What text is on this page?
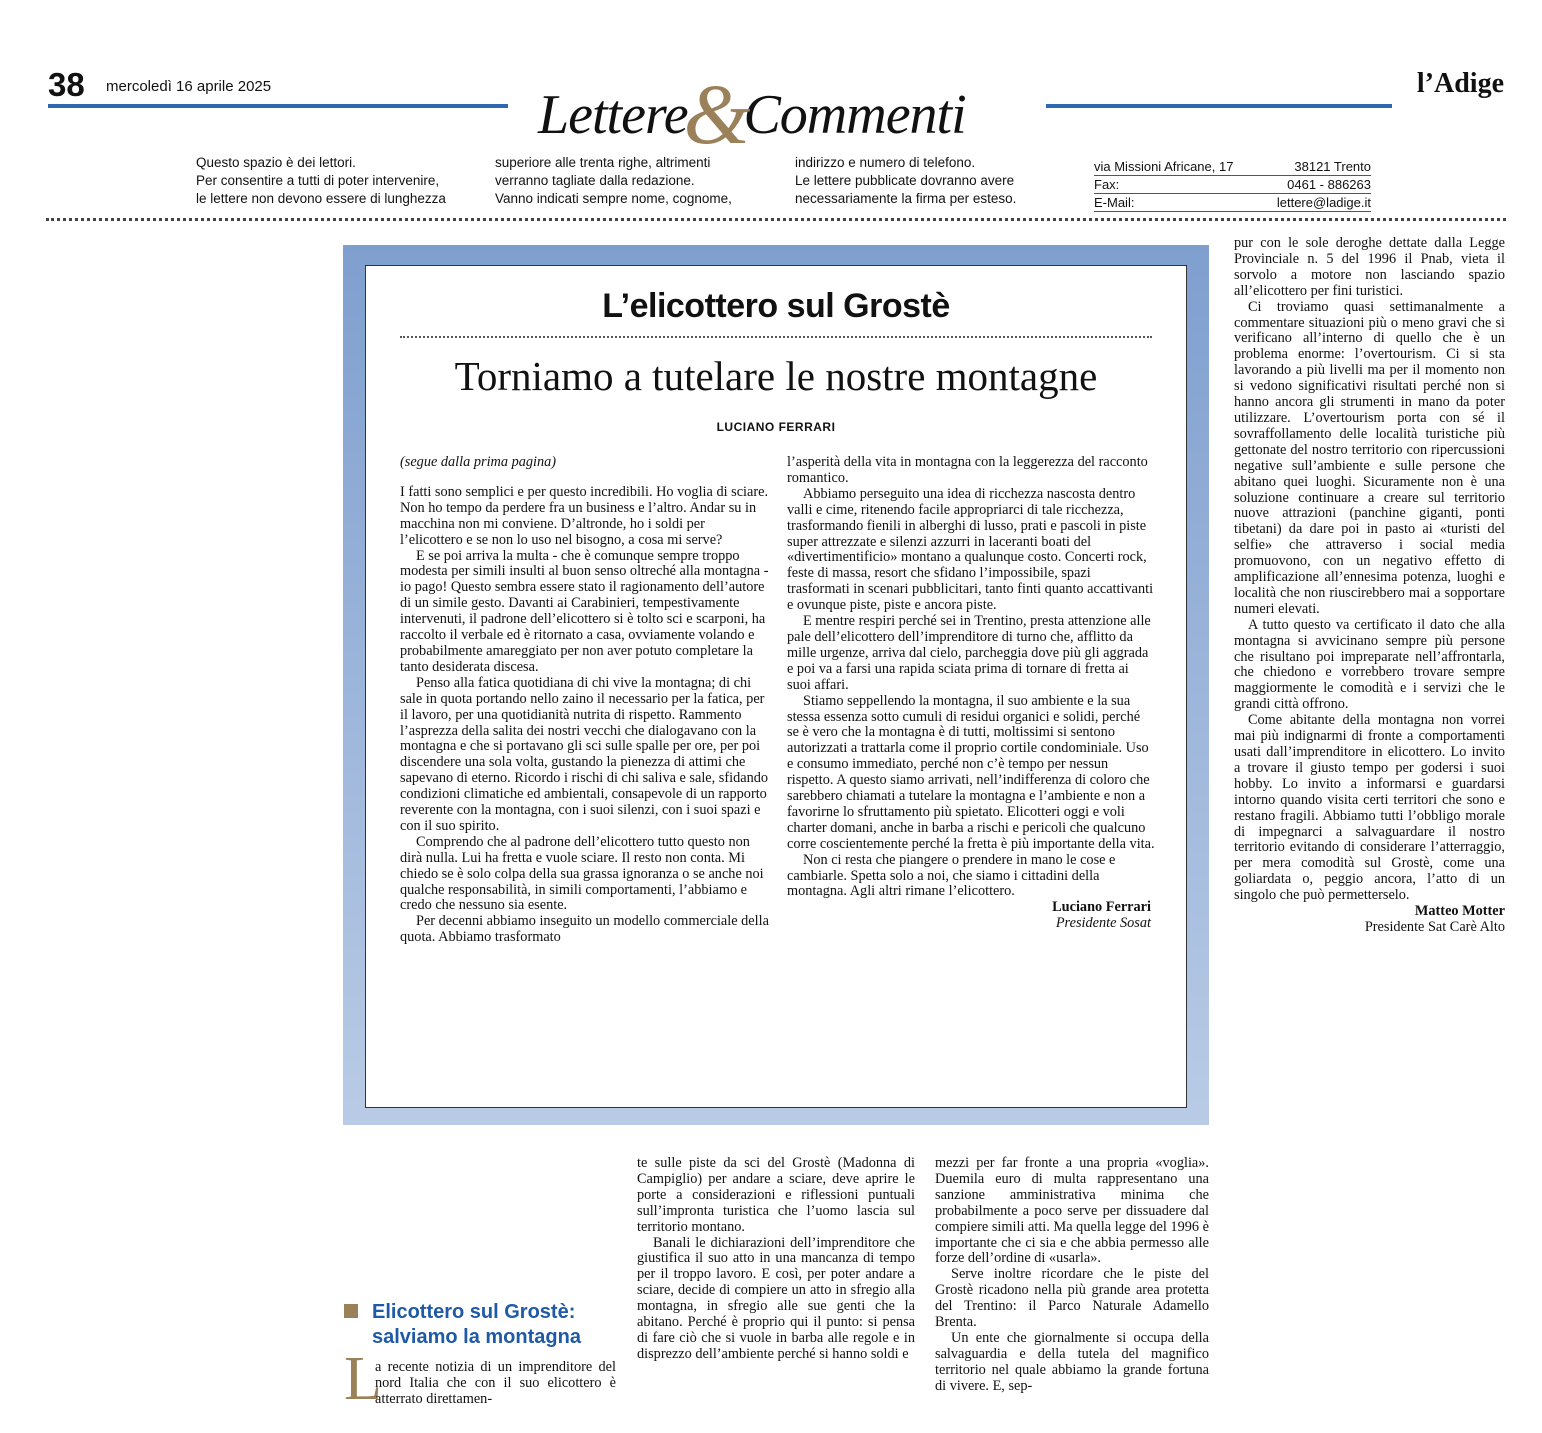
38 mercoledì 16 aprile 2025	Lettere&Commenti
l’Adige
Questo spazio è dei lettori.
Per consentire a tutti di poter intervenire,
le lettere non devono essere di lunghezza
superiore alle trenta righe, altrimenti
verranno tagliate dalla redazione.
Vanno indicati sempre nome, cognome,
indirizzo e numero di telefono.
Le lettere pubblicate dovranno avere
necessariamente la firma per esteso.
via Missioni Africane, 17	38121 Trento
Fax:	0461 - 886263
E-Mail:	lettere@ladige.it
L’elicottero sul Grostè
Torniamo a tutelare le nostre montagne
LUCIANO FERRARI

(segue dalla prima pagina)

I fatti sono semplici e per questo incredibili. Ho voglia di sciare. Non ho tempo da perdere fra un business e l’altro. Andar su in macchina non mi conviene. D’altronde, ho i soldi per l’elicottero e se non lo uso nel bisogno, a cosa mi serve?

E se poi arriva la multa - che è comunque sempre troppo modesta per simili insulti al buon senso oltreché alla montagna - io pago! Questo sembra essere stato il ragionamento dell’autore di un simile gesto. Davanti ai Carabinieri, tempestivamente intervenuti, il padrone dell’elicottero si è tolto sci e scarponi, ha raccolto il verbale ed è ritornato a casa, ovviamente volando e probabilmente amareggiato per non aver potuto completare la tanto desiderata discesa.

Penso alla fatica quotidiana di chi vive la montagna; di chi sale in quota portando nello zaino il necessario per la fatica, per il lavoro, per una quotidianità nutrita di rispetto. Rammento l’asprezza della salita dei nostri vecchi che dialogavano con la montagna e che si portavano gli sci sulle spalle per ore, per poi discendere una sola volta, gustando la pienezza di attimi che sapevano di eterno. Ricordo i rischi di chi saliva e sale, sfidando condizioni climatiche ed ambientali, consapevole di un rapporto reverente con la montagna, con i suoi silenzi, con i suoi spazi e con il suo spirito.

Comprendo che al padrone dell’elicottero tutto questo non dirà nulla. Lui ha fretta e vuole sciare. Il resto non conta. Mi chiedo se è solo colpa della sua grassa ignoranza o se anche noi qualche responsabilità, in simili comportamenti, l’abbiamo e credo che nessuno sia esente.

Per decenni abbiamo inseguito un modello commerciale della quota. Abbiamo trasformato

l’asperità della vita in montagna con la leggerezza del racconto romantico.

Abbiamo perseguito una idea di ricchezza nascosta dentro valli e cime, ritenendo facile appropriarci di tale ricchezza, trasformando fienili in alberghi di lusso, prati e pascoli in piste super attrezzate e silenzi azzurri in laceranti boati del «divertimentificio» montano a qualunque costo. Concerti rock, feste di massa, resort che sfidano l’impossibile, spazi trasformati in scenari pubblicitari, tanto finti quanto accattivanti e ovunque piste, piste e ancora piste.

E mentre respiri perché sei in Trentino, presta attenzione alle pale dell’elicottero dell’imprenditore di turno che, afflitto da mille urgenze, arriva dal cielo, parcheggia dove più gli aggrada e poi va a farsi una rapida sciata prima di tornare di fretta ai suoi affari.

Stiamo seppellendo la montagna, il suo ambiente e la sua stessa essenza sotto cumuli di residui organici e solidi, perché se è vero che la montagna è di tutti, moltissimi si sentono autorizzati a trattarla come il proprio cortile condominiale. Uso e consumo immediato, perché non c’è tempo per nessun rispetto. A questo siamo arrivati, nell’indifferenza di coloro che sarebbero chiamati a tutelare la montagna e l’ambiente e non a favorirne lo sfruttamento più spietato. Elicotteri oggi e voli charter domani, anche in barba a rischi e pericoli che qualcuno corre coscientemente perché la fretta è più importante della vita.

Non ci resta che piangere o prendere in mano le cose e cambiarle. Spetta solo a noi, che siamo i cittadini della montagna. Agli altri rimane l’elicottero.

Luciano Ferrari

Presidente Sosat

pur con le sole deroghe dettate dalla Legge Provinciale n. 5 del 1996 il Pnab, vieta il sorvolo a motore non lasciando spazio all’elicottero per fini turistici.

Ci troviamo quasi settimanalmente a commentare situazioni più o meno gravi che si verificano all’interno di quello che è un problema enorme: l’overtourism. Ci si sta lavorando a più livelli ma per il momento non si vedono significativi risultati perché non si hanno ancora gli strumenti in mano da poter utilizzare. L’overtourism porta con sé il sovraffollamento delle località turistiche più gettonate del nostro territorio con ripercussioni negative sull’ambiente e sulle persone che abitano quei luoghi. Sicuramente non è una soluzione continuare a creare sul territorio nuove attrazioni (panchine giganti, ponti tibetani) da dare poi in pasto ai «turisti del selfie» che attraverso i social media promuovono, con un negativo effetto di amplificazione all’ennesima potenza, luoghi e località che non riuscirebbero mai a sopportare numeri elevati.

A tutto questo va certificato il dato che alla montagna si avvicinano sempre più persone che risultano poi impreparate nell’affrontarla, che chiedono e vorrebbero trovare sempre maggiormente le comodità e i servizi che le grandi città offrono.

Come abitante della montagna non vorrei mai più indignarmi di fronte a comportamenti usati dall’imprenditore in elicottero. Lo invito a trovare il giusto tempo per godersi i suoi hobby. Lo invito a informarsi e guardarsi intorno quando visita certi territori che sono e restano fragili. Abbiamo tutti l’obbligo morale di impegnarci a salvaguardare il nostro territorio evitando di considerare l’atterraggio, per mera comodità sul Grostè, come una goliardata o, peggio ancora, l’atto di un singolo che può permetterselo.

Matteo Motter

Presidente Sat Carè Alto

Elicottero sul Grostè:
salviamo la montagna
L

a recente notizia di un imprenditore del nord Italia che con il suo elicottero è atterrato direttamen-

te sulle piste da sci del Grostè (Madonna di Campiglio) per andare a sciare, deve aprire le porte a considerazioni e riflessioni puntuali sull’impronta turistica che l’uomo lascia sul territorio montano.

Banali le dichiarazioni dell’imprenditore che giustifica il suo atto in una mancanza di tempo per il troppo lavoro. E così, per poter andare a sciare, decide di compiere un atto in sfregio alla montagna, in sfregio alle sue genti che la abitano. Perché è proprio qui il punto: si pensa di fare ciò che si vuole in barba alle regole e in disprezzo dell’ambiente perché si hanno soldi e

mezzi per far fronte a una propria «voglia». Duemila euro di multa rappresentano una sanzione amministrativa minima che probabilmente a poco serve per dissuadere dal compiere simili atti. Ma quella legge del 1996 è importante che ci sia e che abbia permesso alle forze dell’ordine di «usarla».

Serve inoltre ricordare che le piste del Grostè ricadono nella più grande area protetta del Trentino: il Parco Naturale Adamello Brenta.

Un ente che giornalmente si occupa della salvaguardia e della tutela del magnifico territorio nel quale abbiamo la grande fortuna di vivere. E, sep-
